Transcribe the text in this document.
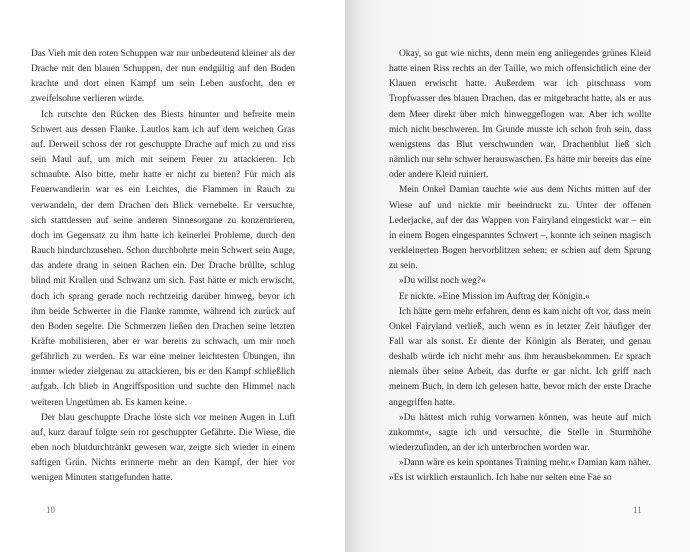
Das Vieh mit den roten Schuppen war nur unbedeutend kleiner als der Drache mit den blauen Schuppen, der nun endgültig auf den Boden krachte und dort einen Kampf um sein Leben ausfocht, den er zweifelsohne verlieren würde.

Ich rutschte den Rücken des Biests hinunter und befreite mein Schwert aus dessen Flanke. Lautlos kam ich auf dem weichen Gras auf. Derweil schoss der rot geschuppte Drache auf mich zu und riss sein Maul auf, um mich mit seinem Feuer zu attackieren. Ich schnaubte. Also bitte, mehr hatte er nicht zu bieten? Für mich als Feuerwandlerin war es ein Leichtes, die Flammen in Rauch zu verwandeln, der dem Drachen den Blick vernebelte. Er versuchte, sich stattdessen auf seine anderen Sinnesorgane zu konzentrieren, doch im Gegensatz zu ihm hatte ich keinerlei Probleme, durch den Rauch hindurchzusehen. Schon durchbohrte mein Schwert sein Auge, das andere drang in seinen Rachen ein. Der Drache brüllte, schlug blind mit Krallen und Schwanz um sich. Fast hätte er mich erwischt, doch ich sprang gerade noch rechtzeitig darüber hinweg, bevor ich ihm beide Schwerter in die Flanke rammte, während ich zurück auf den Boden segelte. Die Schmerzen ließen den Drachen seine letzten Kräfte mobilisieren, aber er war bereits zu schwach, um mir noch gefährlich zu werden. Es war eine meiner leichtesten Übungen, ihn immer wieder zielgenau zu attackieren, bis er den Kampf schließlich aufgab. Ich blieb in Angriffsposition und suchte den Himmel nach weiteren Ungetümen ab. Es kamen keine.

Der blau geschuppte Drache löste sich vor meinen Augen in Luft auf, kurz darauf folgte sein rot geschuppter Gefährte. Die Wiese, die eben noch blutdurchtränkt gewesen war, zeigte sich wieder in einem saftigen Grün. Nichts erinnerte mehr an den Kampf, der hier vor wenigen Minuten stattgefunden hatte.

10

Okay, so gut wie nichts, denn mein eng anliegendes grünes Kleid hatte einen Riss rechts an der Taille, wo mich offensichtlich eine der Klauen erwischt hatte. Außerdem war ich pitschnass vom Tropfwasser des blauen Drachen, das er mitgebracht hatte, als er aus dem Meer direkt über mich hinweggeflogen war. Aber ich wollte mich nicht beschweren. Im Grunde musste ich schon froh sein, dass wenigstens das Blut verschwunden war, Drachenblut ließ sich nämlich nur sehr schwer herauswaschen. Es hätte mir bereits das eine oder andere Kleid ruiniert.

Mein Onkel Damian tauchte wie aus dem Nichts mitten auf der Wiese auf und nickte mir beeindruckt zu. Unter der offenen Lederjacke, auf der das Wappen von Fairyland eingestickt war – ein in einem Bogen eingespanntes Schwert –, konnte ich seinen magisch verkleinerten Bogen hervorblitzen sehen; er schien auf dem Sprung zu sein.

»Du willst noch weg?«

Er nickte. »Eine Mission im Auftrag der Königin.«

Ich hätte gern mehr erfahren, denn es kam nicht oft vor, dass mein Onkel Fairyland verließ, auch wenn es in letzter Zeit häufiger der Fall war als sonst. Er diente der Königin als Berater, und genau deshalb würde ich nicht mehr aus ihm herausbekommen. Er sprach niemals über seine Arbeit, das durfte er gar nicht. Ich griff nach meinem Buch, in dem ich gelesen hatte, bevor mich der erste Drache angegriffen hatte.

»Du hättest mich ruhig vorwarnen können, was heute auf mich zukommt«, sagte ich und versuchte, die Stelle in Sturmhöhe wiederzufinden, an der ich unterbrochen worden war.

»Dann wäre es kein spontanes Training mehr.« Damian kam näher. »Es ist wirklich erstaunlich. Ich habe nur selten eine Fae so

11
